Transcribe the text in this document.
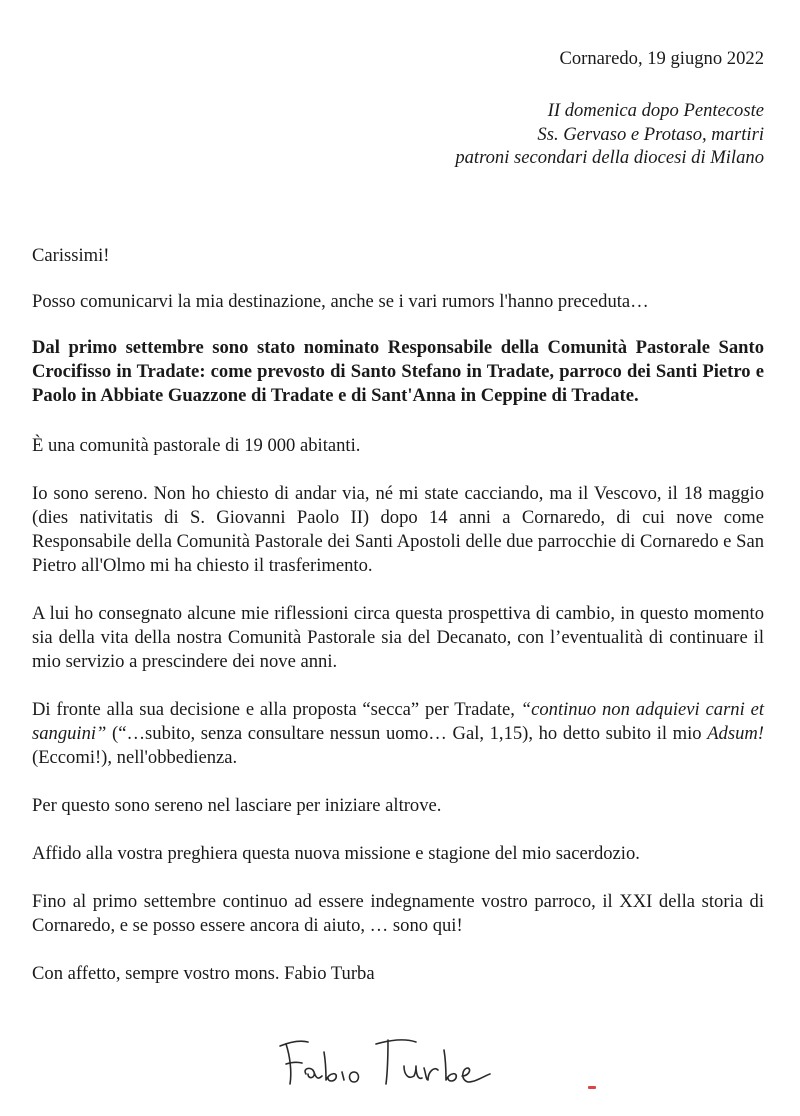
Cornaredo, 19 giugno 2022

II domenica dopo Pentecoste
Ss. Gervaso e Protaso, martiri
patroni secondari della diocesi di Milano

Carissimi!

Posso comunicarvi la mia destinazione, anche se i vari rumors l'hanno preceduta…

Dal primo settembre sono stato nominato Responsabile della Comunità Pastorale Santo Crocifisso in Tradate: come prevosto di Santo Stefano in Tradate, parroco dei Santi Pietro e Paolo in Abbiate Guazzone di Tradate e di Sant'Anna in Ceppine di Tradate.

È una comunità pastorale di 19 000 abitanti.

Io sono sereno. Non ho chiesto di andar via, né mi state cacciando, ma il Vescovo, il 18 maggio (dies nativitatis di S. Giovanni Paolo II) dopo 14 anni a Cornaredo, di cui nove come Responsabile della Comunità Pastorale dei Santi Apostoli delle due parrocchie di Cornaredo e San Pietro all'Olmo mi ha chiesto il trasferimento.

A lui ho consegnato alcune mie riflessioni circa questa prospettiva di cambio, in questo momento sia della vita della nostra Comunità Pastorale sia del Decanato, con l’eventualità di continuare il mio servizio a prescindere dei nove anni.

Di fronte alla sua decisione e alla proposta “secca” per Tradate, “continuo non adquievi carni et sanguini” (“…subito, senza consultare nessun uomo… Gal, 1,15), ho detto subito il mio Adsum! (Eccomi!), nell'obbedienza.

Per questo sono sereno nel lasciare per iniziare altrove.

Affido alla vostra preghiera questa nuova missione e stagione del mio sacerdozio.

Fino al primo settembre continuo ad essere indegnamente vostro parroco, il XXI della storia di Cornaredo, e se posso essere ancora di aiuto, … sono qui!

Con affetto, sempre vostro mons. Fabio Turba
